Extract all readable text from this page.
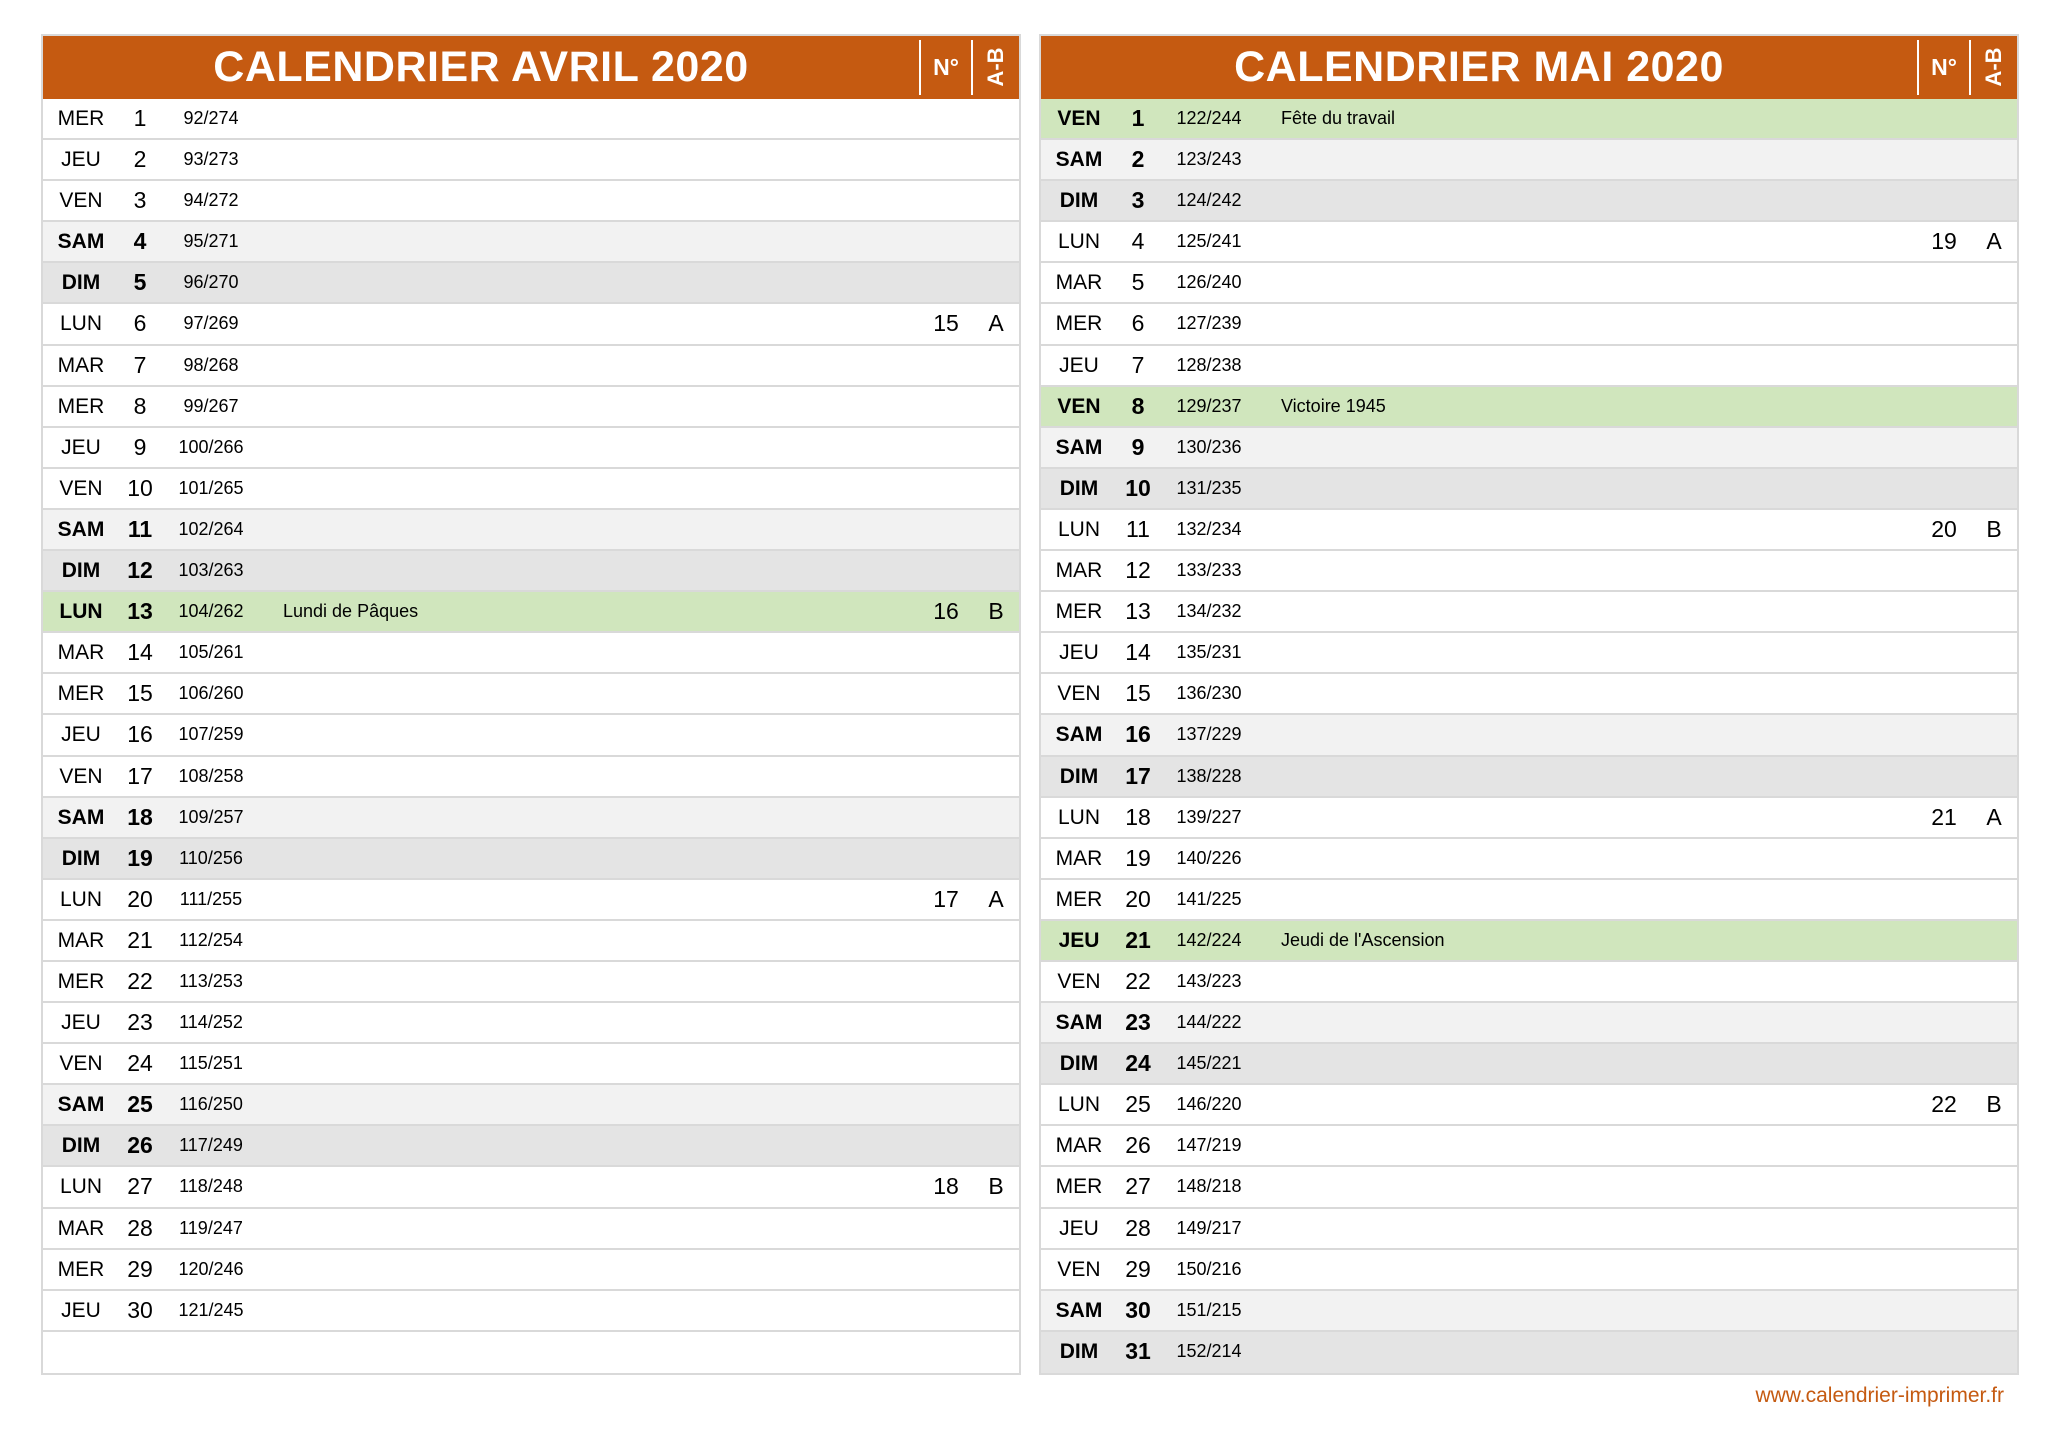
CALENDRIER AVRIL 2020	N°	A-B
MER	1	92/274
JEU	2	93/273
VEN	3	94/272
SAM	4	95/271
DIM	5	96/270
LUN	6	97/269	15	A
MAR	7	98/268
MER	8	99/267
JEU	9	100/266
VEN	10	101/265
SAM	11	102/264
DIM	12	103/263
LUN	13	104/262	Lundi de Pâques	16	B
MAR 14	105/261
MER 15	106/260
JEU	16	107/259
VEN	17	108/258
SAM 18	109/257
DIM	19	110/256
LUN	20	111/255	17	A
MAR 21	112/254
MER 22	113/253
JEU	23	114/252
VEN	24	115/251
SAM 25	116/250
DIM	26	117/249
LUN	27	118/248	18	B
MAR 28	119/247
MER 29	120/246
JEU	30	121/245
CALENDRIER MAI 2020	N°	A-B
VEN	1	122/244	Fête du travail
SAM	2	123/243
DIM	3	124/242
LUN	4	125/241	19	A
MAR	5	126/240
MER	6	127/239
JEU	7	128/238
VEN	8	129/237	Victoire 1945
SAM	9	130/236
DIM	10	131/235
LUN	11	132/234	20	B
MAR 12	133/233
MER 13	134/232
JEU	14	135/231
VEN	15	136/230
SAM 16	137/229
DIM	17	138/228
LUN	18	139/227	21	A
MAR 19	140/226
MER 20	141/225
JEU	21	142/224	Jeudi de l'Ascension
VEN	22	143/223
SAM 23	144/222
DIM	24	145/221
LUN	25	146/220	22	B
MAR 26	147/219
MER 27	148/218
JEU	28	149/217
VEN	29	150/216
SAM 30	151/215
DIM	31	152/214
www.calendrier-imprimer.fr
